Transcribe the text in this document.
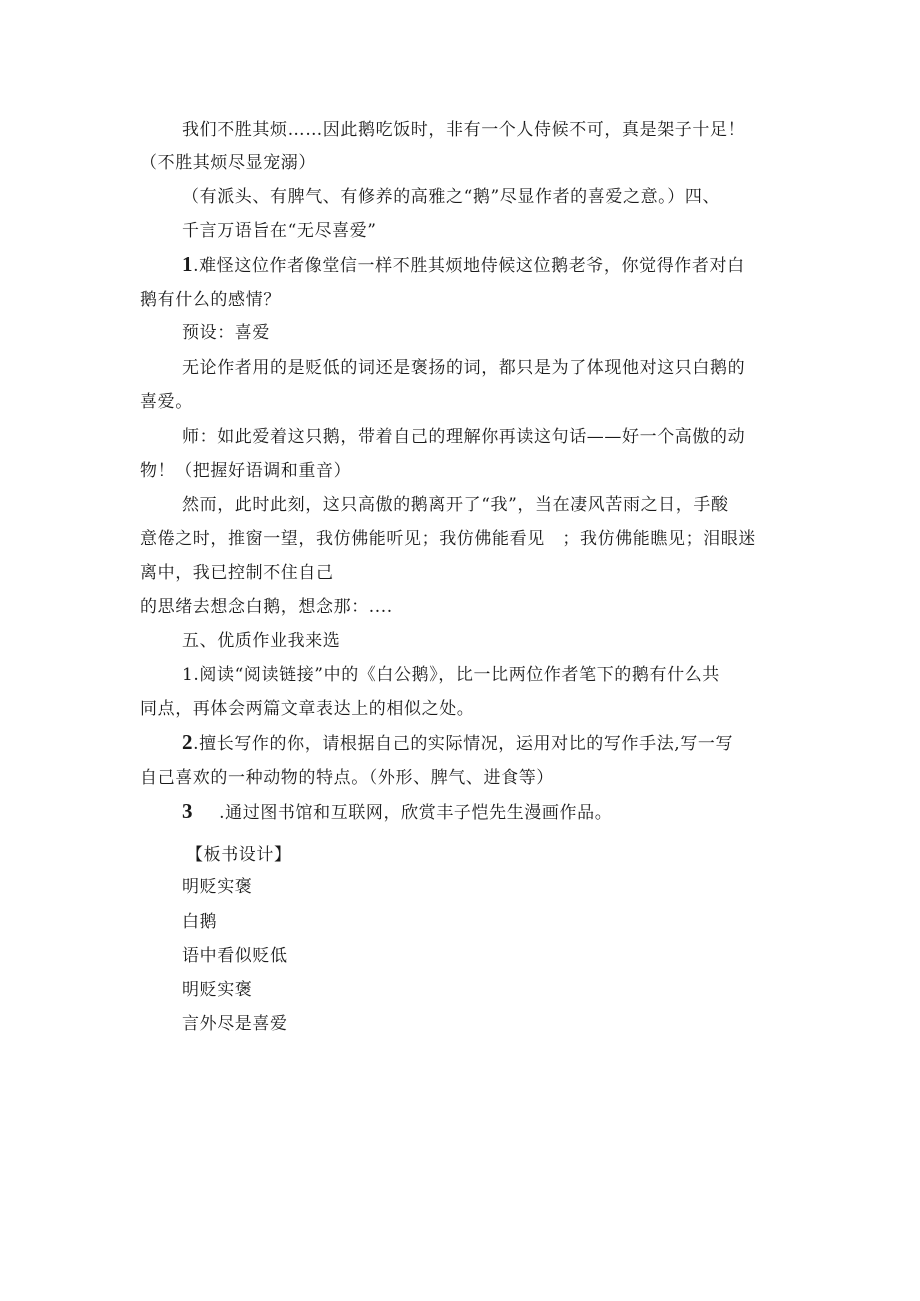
我们不胜其烦……因此鹅吃饭时，非有一个人侍候不可，真是架子十足！
（不胜其烦尽显宠溺）
（有派头、有脾气、有修养的高雅之“鹅”尽显作者的喜爱之意。）四、
千言万语旨在“无尽喜爱”
1.难怪这位作者像堂信一样不胜其烦地侍候这位鹅老爷，你觉得作者对白
鹅有什么的感情？
预设：喜爱
无论作者用的是贬低的词还是褒扬的词，都只是为了体现他对这只白鹅的
喜爱。
师：如此爱着这只鹅，带着自己的理解你再读这句话——好一个高傲的动
物！（把握好语调和重音）
然而，此时此刻，这只高傲的鹅离开了“我”，当在凄风苦雨之日，手酸
意倦之时，推窗一望，我仿佛能听见；我仿佛能看见　；我仿佛能瞧见；泪眼迷
离中，我已控制不住自己
的思绪去想念白鹅，想念那：....
五、优质作业我来选
1.阅读“阅读链接”中的《白公鹅》，比一比两位作者笔下的鹅有什么共
同点，再体会两篇文章表达上的相似之处。
2.擅长写作的你，请根据自己的实际情况，运用对比的写作手法,写一写
自己喜欢的一种动物的特点。（外形、脾气、进食等）
3 .通过图书馆和互联网，欣赏丰子恺先生漫画作品。
【板书设计】
明贬实褒
白鹅
语中看似贬低
明贬实褒
言外尽是喜爱
